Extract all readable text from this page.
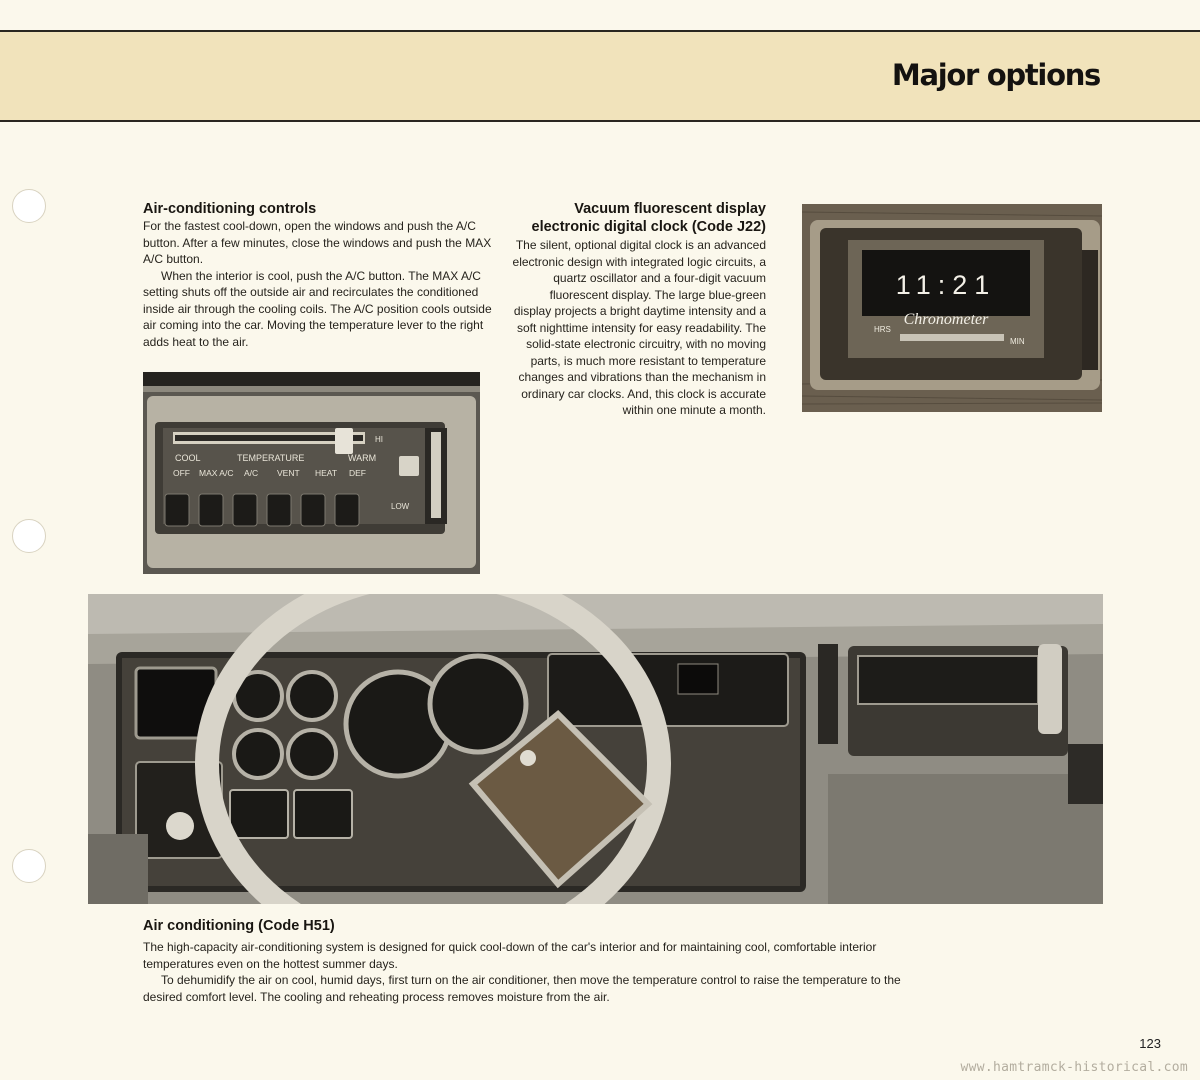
Major options
Air-conditioning controls

For the fastest cool-down, open the windows and push the A/C button. After a few minutes, close the windows and push the MAX A/C button.

When the interior is cool, push the A/C button. The MAX A/C setting shuts off the outside air and recirculates the conditioned inside air through the cooling coils. The A/C position cools outside air coming into the car. Moving the temperature lever to the right adds heat to the air.

Vacuum fluorescent display
electronic digital clock (Code J22)
The silent, optional digital clock is an advanced electronic design with integrated logic circuits, a quartz oscillator and a four-digit vacuum fluorescent display. The large blue-green display projects a bright daytime intensity and a soft nighttime intensity for easy readability. The solid-state electronic circuitry, with no moving parts, is much more resistant to temperature changes and vibrations than the mechanism in ordinary car clocks. And, this clock is accurate within one minute a month.
COOL	TEMPERATURE	WARM
OFF MAX A/C A/C VENT HEAT DEF
HI
LOW
11:21
Chronometer
HRS
MIN
Air conditioning (Code H51)

The high-capacity air-conditioning system is designed for quick cool-down of the car's interior and for maintaining cool, comfortable interior temperatures even on the hottest summer days.

To dehumidify the air on cool, humid days, first turn on the air conditioner, then move the temperature control to raise the temperature to the desired comfort level. The cooling and reheating process removes moisture from the air.

123

www.hamtramck-historical.com
